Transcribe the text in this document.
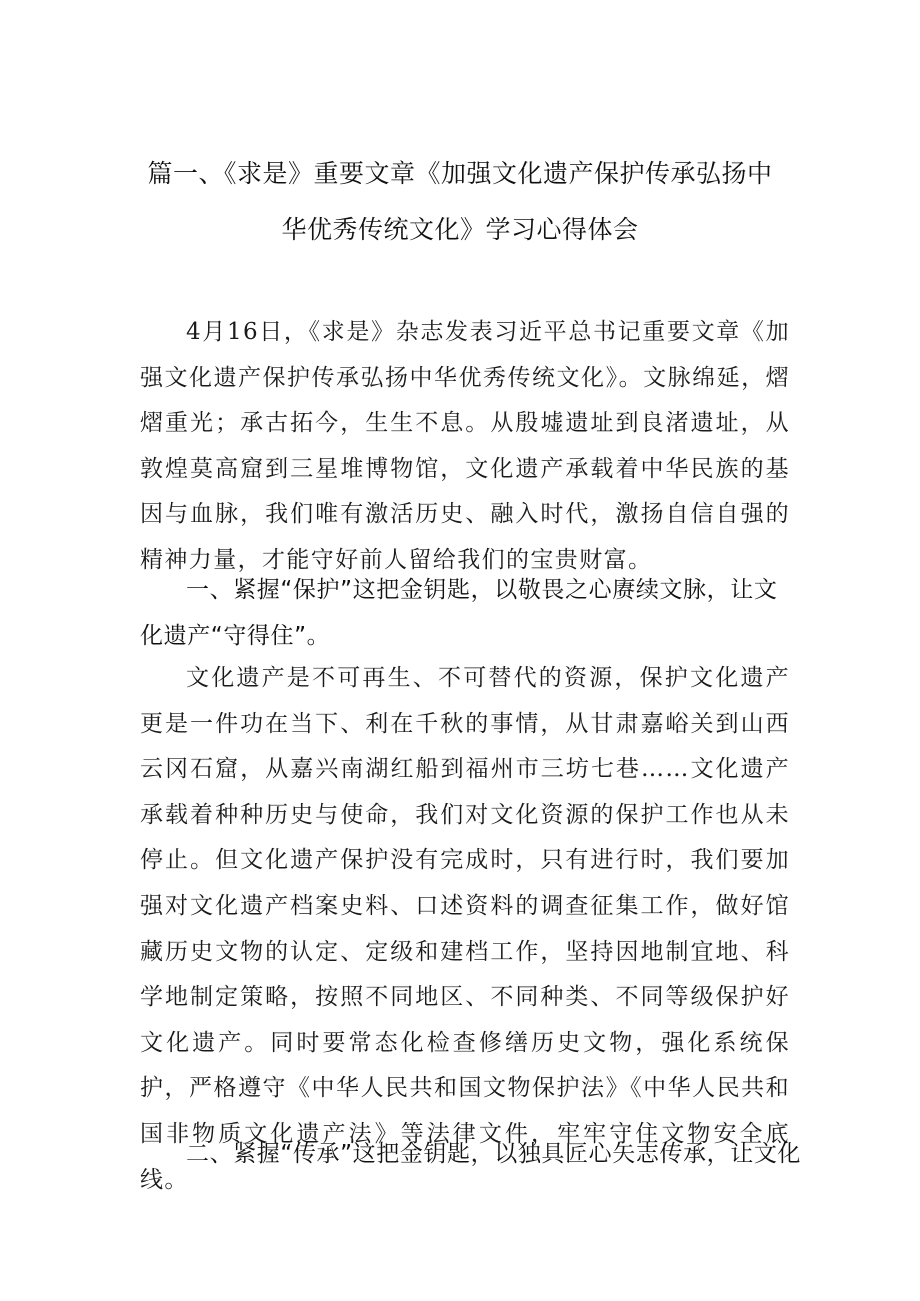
篇一、《求是》重要文章《加强文化遗产保护传承弘扬中
华优秀传统文化》学习心得体会

4月16日，《求是》杂志发表习近平总书记重要文章《加强文化遗产保护传承弘扬中华优秀传统文化》。文脉绵延，熠熠重光；承古拓今，生生不息。从殷墟遗址到良渚遗址，从敦煌莫高窟到三星堆博物馆，文化遗产承载着中华民族的基因与血脉，我们唯有激活历史、融入时代，激扬自信自强的精神力量，才能守好前人留给我们的宝贵财富。

一、紧握“保护”这把金钥匙，以敬畏之心赓续文脉，让文化遗产“守得住”。

文化遗产是不可再生、不可替代的资源，保护文化遗产更是一件功在当下、利在千秋的事情，从甘肃嘉峪关到山西云冈石窟，从嘉兴南湖红船到福州市三坊七巷……文化遗产承载着种种历史与使命，我们对文化资源的保护工作也从未停止。但文化遗产保护没有完成时，只有进行时，我们要加强对文化遗产档案史料、口述资料的调查征集工作，做好馆藏历史文物的认定、定级和建档工作，坚持因地制宜地、科学地制定策略，按照不同地区、不同种类、不同等级保护好文化遗产。同时要常态化检查修缮历史文物，强化系统保护，严格遵守《中华人民共和国文物保护法》《中华人民共和国非物质文化遗产法》等法律文件，牢牢守住文物安全底线。

二、紧握“传承”这把金钥匙，以独具匠心矢志传承，让文化
